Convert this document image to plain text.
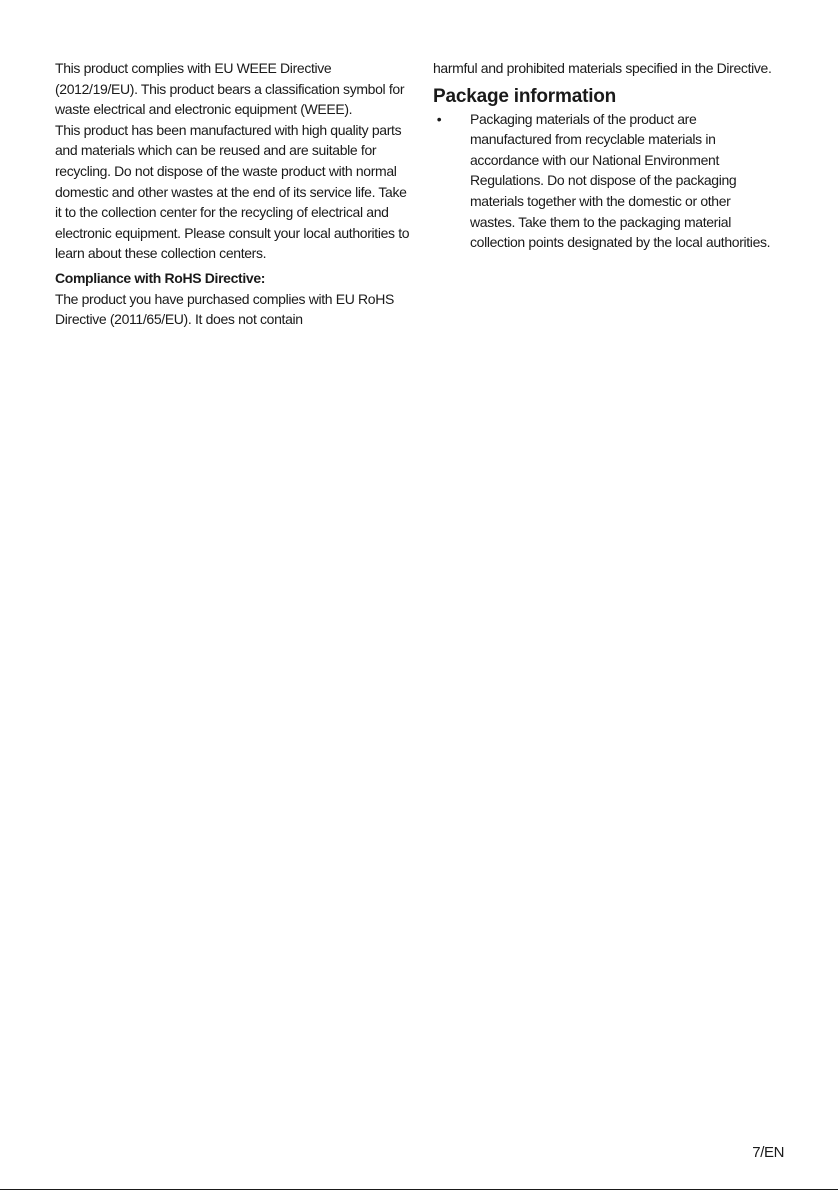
This product complies with EU WEEE Directive (2012/19/EU). This product bears a classification symbol for waste electrical and electronic equipment (WEEE).

This product has been manufactured with high quality parts and materials which can be reused and are suitable for recycling. Do not dispose of the waste product with normal domestic and other wastes at the end of its service life. Take it to the collection center for the recycling of electrical and electronic equipment. Please consult your local authorities to learn about these collection centers.

Compliance with RoHS Directive:

The product you have purchased complies with EU RoHS Directive (2011/65/EU). It does not contain

harmful and prohibited materials specified in the Directive.

Package information
• Packaging materials of the product are manufactured from recyclable materials in accordance with our National Environment Regulations. Do not dispose of the packaging materials together with the domestic or other wastes. Take them to the packaging material collection points designated by the local authorities.
7/EN
